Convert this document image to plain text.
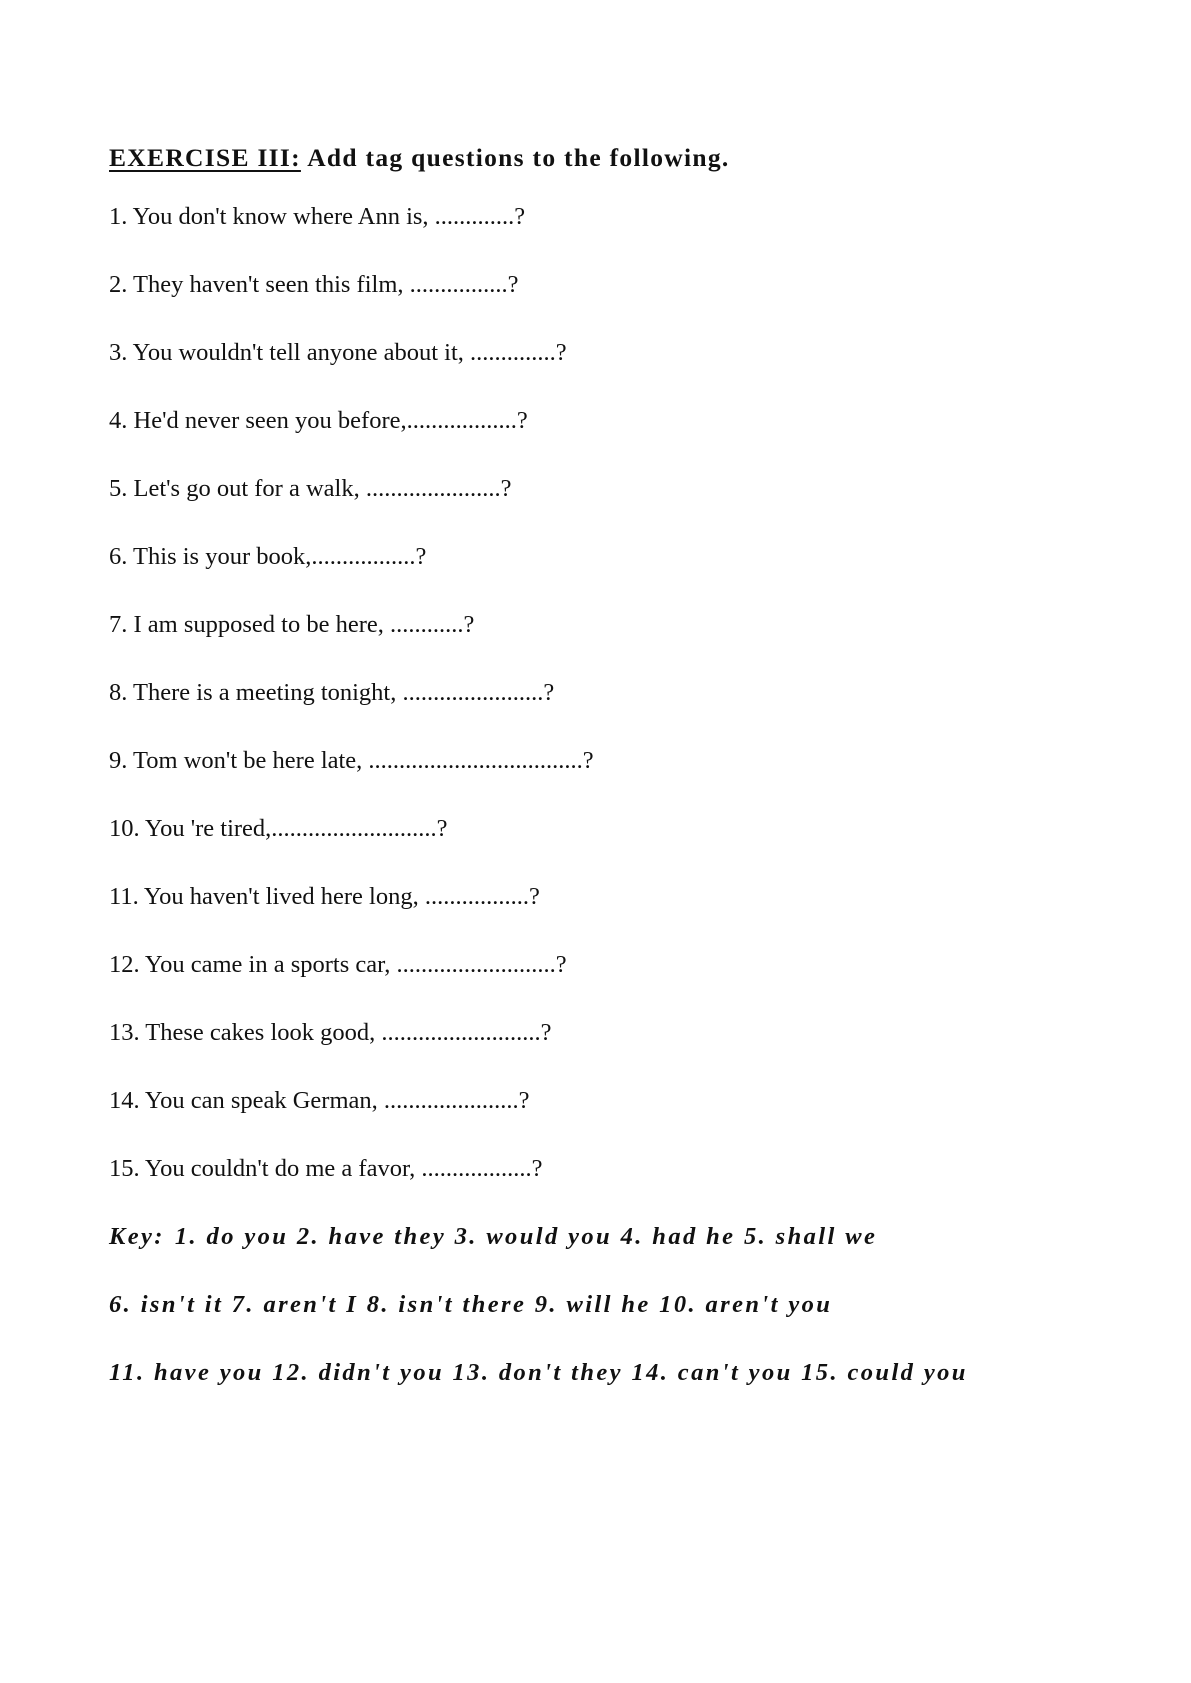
EXERCISE III: Add tag questions to the following.
1. You don't know where Ann is, .............?
2. They haven't seen this film, ................?
3. You wouldn't tell anyone about it, ..............?
4. He'd never seen you before,..................?
5. Let's go out for a walk, ......................?
6. This is your book,.................?
7. I am supposed to be here, ............?
8. There is a meeting tonight, .......................?
9. Tom won't be here late, ...................................?
10. You 're tired,...........................?
11. You haven't lived here long, .................?
12. You came in a sports car, ..........................?
13. These cakes look good, ..........................?
14. You can speak German, ......................?
15. You couldn't do me a favor, ..................?
Key: 1. do you 2. have they 3. would you 4. had he 5. shall we
6. isn't it 7. aren't I 8. isn't there 9. will he 10. aren't you
11. have you 12. didn't you 13. don't they 14. can't you 15. could you
